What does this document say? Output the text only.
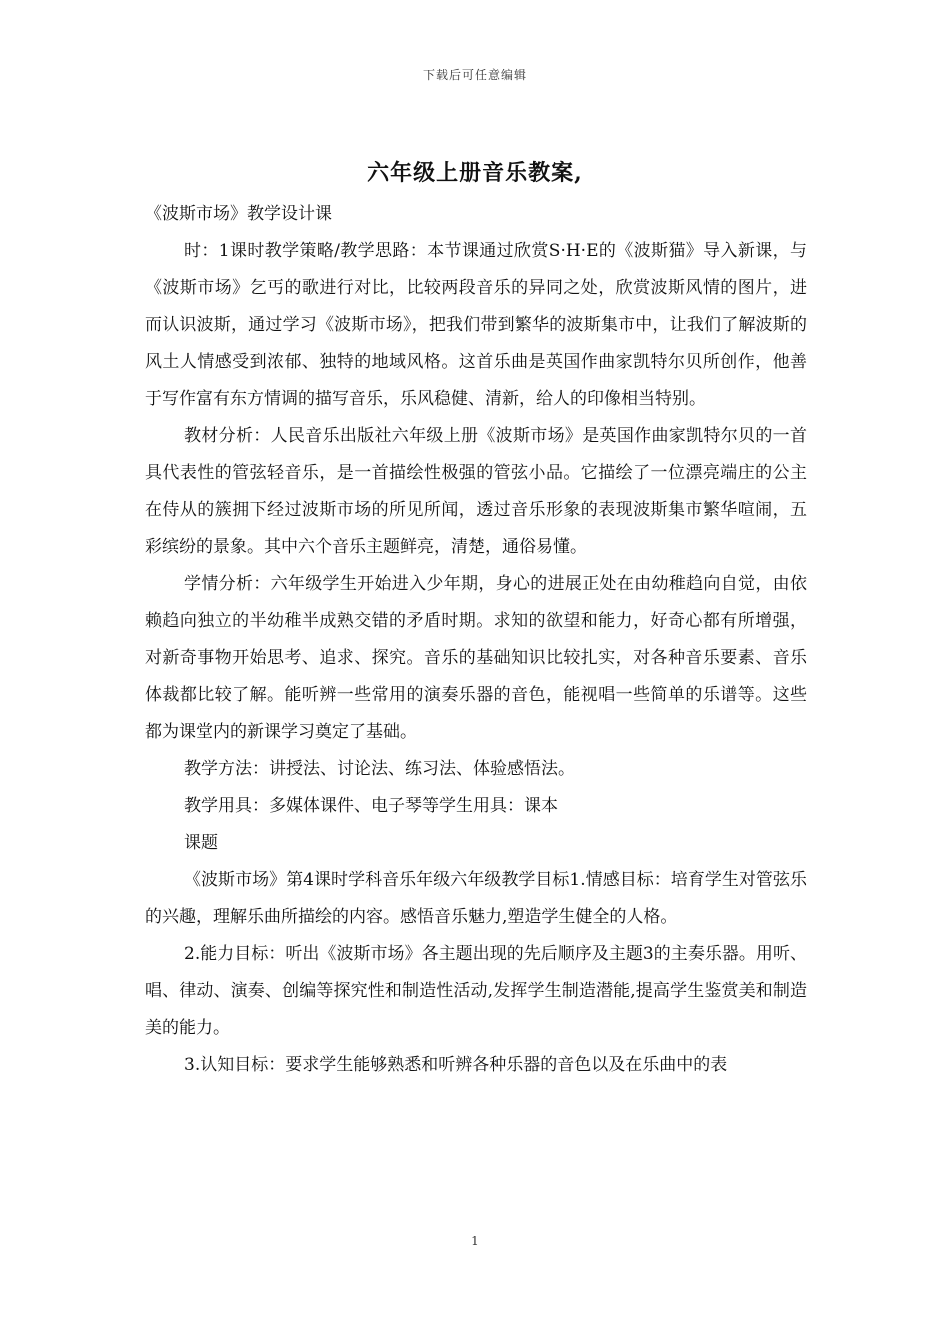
下载后可任意编辑
六年级上册音乐教案,

《波斯市场》教学设计课

时：1课时教学策略/教学思路：本节课通过欣赏S·H·E的《波斯猫》导入新课，与《波斯市场》乞丐的歌进行对比，比较两段音乐的异同之处，欣赏波斯风情的图片，进而认识波斯，通过学习《波斯市场》，把我们带到繁华的波斯集市中，让我们了解波斯的风土人情感受到浓郁、独特的地域风格。这首乐曲是英国作曲家凯特尔贝所创作，他善于写作富有东方情调的描写音乐，乐风稳健、清新，给人的印像相当特别。

教材分析：人民音乐出版社六年级上册《波斯市场》是英国作曲家凯特尔贝的一首具代表性的管弦轻音乐，是一首描绘性极强的管弦小品。它描绘了一位漂亮端庄的公主在侍从的簇拥下经过波斯市场的所见所闻，透过音乐形象的表现波斯集市繁华喧闹，五彩缤纷的景象。其中六个音乐主题鲜亮，清楚，通俗易懂。

学情分析：六年级学生开始进入少年期，身心的进展正处在由幼稚趋向自觉，由依赖趋向独立的半幼稚半成熟交错的矛盾时期。求知的欲望和能力，好奇心都有所增强，对新奇事物开始思考、追求、探究。音乐的基础知识比较扎实，对各种音乐要素、音乐体裁都比较了解。能听辨一些常用的演奏乐器的音色，能视唱一些简单的乐谱等。这些都为课堂内的新课学习奠定了基础。

教学方法：讲授法、讨论法、练习法、体验感悟法。

教学用具：多媒体课件、电子琴等学生用具：课本

课题

《波斯市场》第4课时学科音乐年级六年级教学目标1.情感目标：培育学生对管弦乐的兴趣，理解乐曲所描绘的内容。感悟音乐魅力,塑造学生健全的人格。

2.能力目标：听出《波斯市场》各主题出现的先后顺序及主题3的主奏乐器。用听、唱、律动、演奏、创编等探究性和制造性活动,发挥学生制造潜能,提高学生鉴赏美和制造美的能力。

3.认知目标：要求学生能够熟悉和听辨各种乐器的音色以及在乐曲中的表

1
